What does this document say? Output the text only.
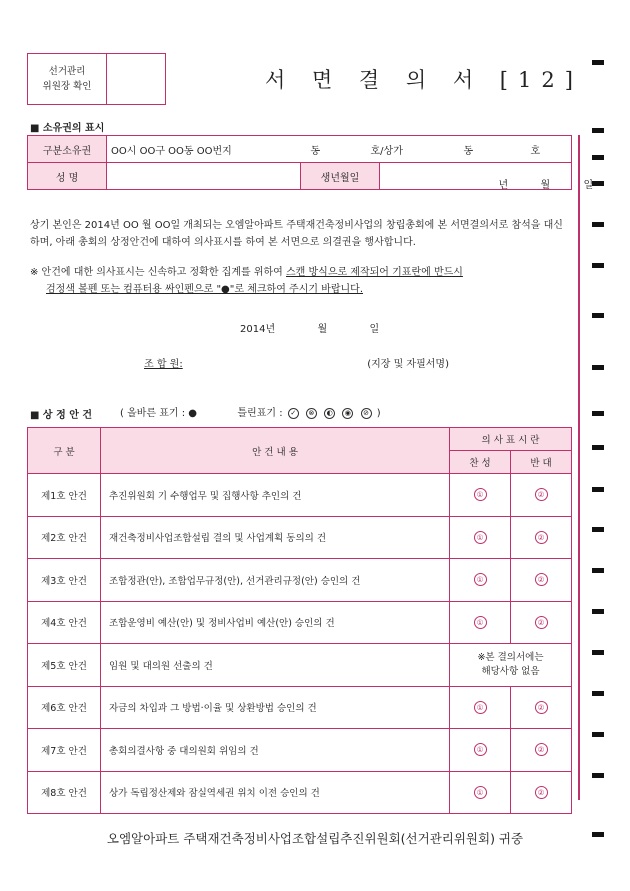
선거관리
위원장 확인	서 면 결 의 서 [12]
■ 소유권의 표시
구분소유권	OO시 OO구 OO동 OO번지 동 호/상가 동 호		

성 명		생년월일	년 월 일
상기 본인은 2014년 OO 월 OO일 개최되는 오엠알아파트 주택재건축정비사업의 창립총회에 본 서면결의서로 참석을 대신하며, 아래 총회의 상정안건에 대하여 의사표시를 하여 본 서면으로 의결권을 행사합니다.
※ 안건에 대한 의사표시는 신속하고 정확한 집계를 위하여 스캔 방식으로 제작되어 기표란에 반드시
검정색 볼펜 또는 컴퓨터용 싸인펜으로 "●"로 체크하여 주시기 바랍니다.
2014년	월	일
조 합 원:	(지장 및 자필서명)
■ 상 정 안 건	( 올바른 표기 : ●	틀린표기 : ✓ ⊗ ◐ ◉ ⊘ )
구 분	안 건 내 용	의 사 표 시 란	
		찬 성	반 대
제1호 안건	추진위원회 기 수행업무 및 집행사항 추인의 건	①	②
제2호 안건	재건축정비사업조합설립 결의 및 사업계획 동의의 건	①	②
제3호 안건	조합정관(안), 조합업무규정(안), 선거관리규정(안) 승인의 건	①	②
제4호 안건	조합운영비 예산(안) 및 정비사업비 예산(안) 승인의 건	①	②
제5호 안건	임원 및 대의원 선출의 건	※본 결의서에는
해당사항 없음	
제6호 안건	자금의 차입과 그 방법·이율 및 상환방법 승인의 건	①	②
제7호 안건	총회의결사항 중 대의원회 위임의 건	①	②
제8호 안건	상가 독립정산제와 잠실역세권 위치 이전 승인의 건	①	②
오엠알아파트 주택재건축정비사업조합설립추진위원회(선거관리위원회) 귀중
